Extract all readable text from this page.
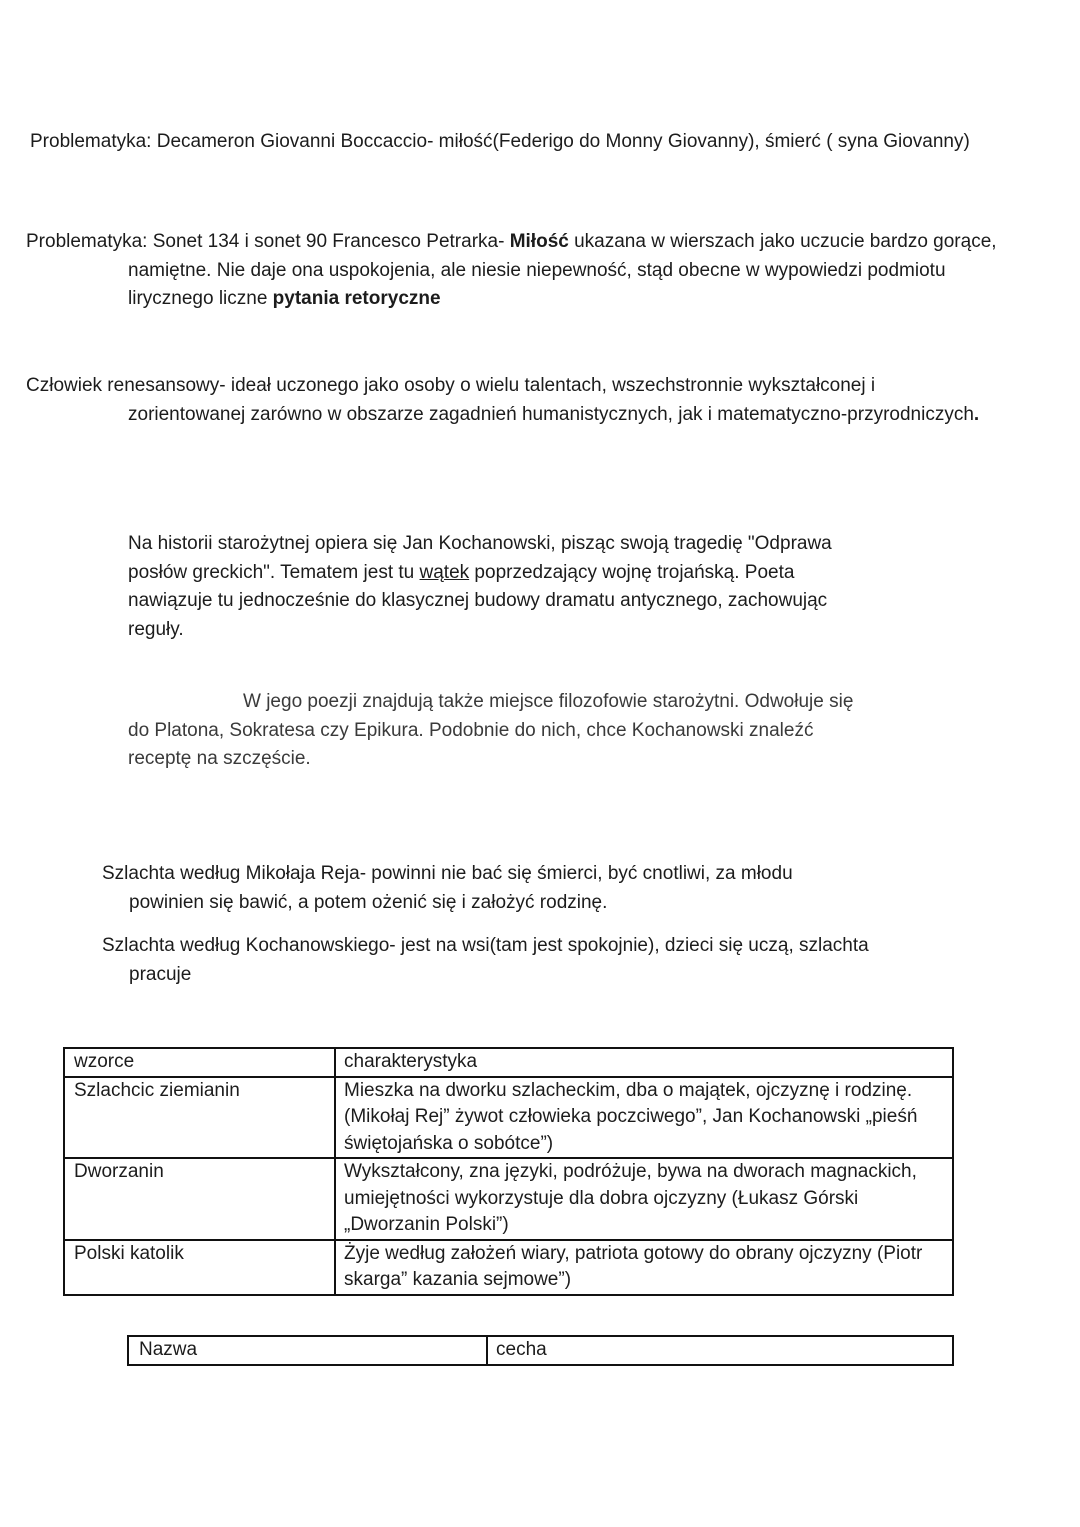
Problematyka: Decameron Giovanni Boccaccio- miłość(Federigo do Monny Giovanny), śmierć ( syna Giovanny)

Problematyka: Sonet 134 i sonet 90 Francesco Petrarka- Miłość ukazana w wierszach jako uczucie bardzo gorące, namiętne. Nie daje ona uspokojenia, ale niesie niepewność, stąd obecne w wypowiedzi podmiotu lirycznego liczne pytania retoryczne

Człowiek renesansowy- ideał uczonego jako osoby o wielu talentach, wszechstronnie wykształconej i zorientowanej zarówno w obszarze zagadnień humanistycznych, jak i matematyczno-przyrodniczych.

Na historii starożytnej opiera się Jan Kochanowski, pisząc swoją tragedię "Odprawa posłów greckich". Tematem jest tu wątek poprzedzający wojnę trojańską. Poeta nawiązuje tu jednocześnie do klasycznej budowy dramatu antycznego, zachowując reguły.

W jego poezji znajdują także miejsce filozofowie starożytni. Odwołuje się do Platona, Sokratesa czy Epikura. Podobnie do nich, chce Kochanowski znaleźć receptę na szczęście.

Szlachta według Mikołaja Reja- powinni nie bać się śmierci, być cnotliwi, za młodu powinien się bawić, a potem ożenić się i założyć rodzinę.

Szlachta według Kochanowskiego- jest na wsi(tam jest spokojnie), dzieci się uczą, szlachta pracuje

wzorce	charakterystyka
Szlachcic ziemianin	Mieszka na dworku szlacheckim, dba o majątek, ojczyznę i rodzinę. (Mikołaj Rej” żywot człowieka poczciwego”, Jan Kochanowski „pieśń świętojańska o sobótce”)
Dworzanin	Wykształcony, zna języki, podróżuje, bywa na dworach magnackich, umiejętności wykorzystuje dla dobra ojczyzny (Łukasz Górski „Dworzanin Polski”)
Polski katolik	Żyje według założeń wiary, patriota gotowy do obrany ojczyzny (Piotr skarga” kazania sejmowe”)
Nazwa	cecha
